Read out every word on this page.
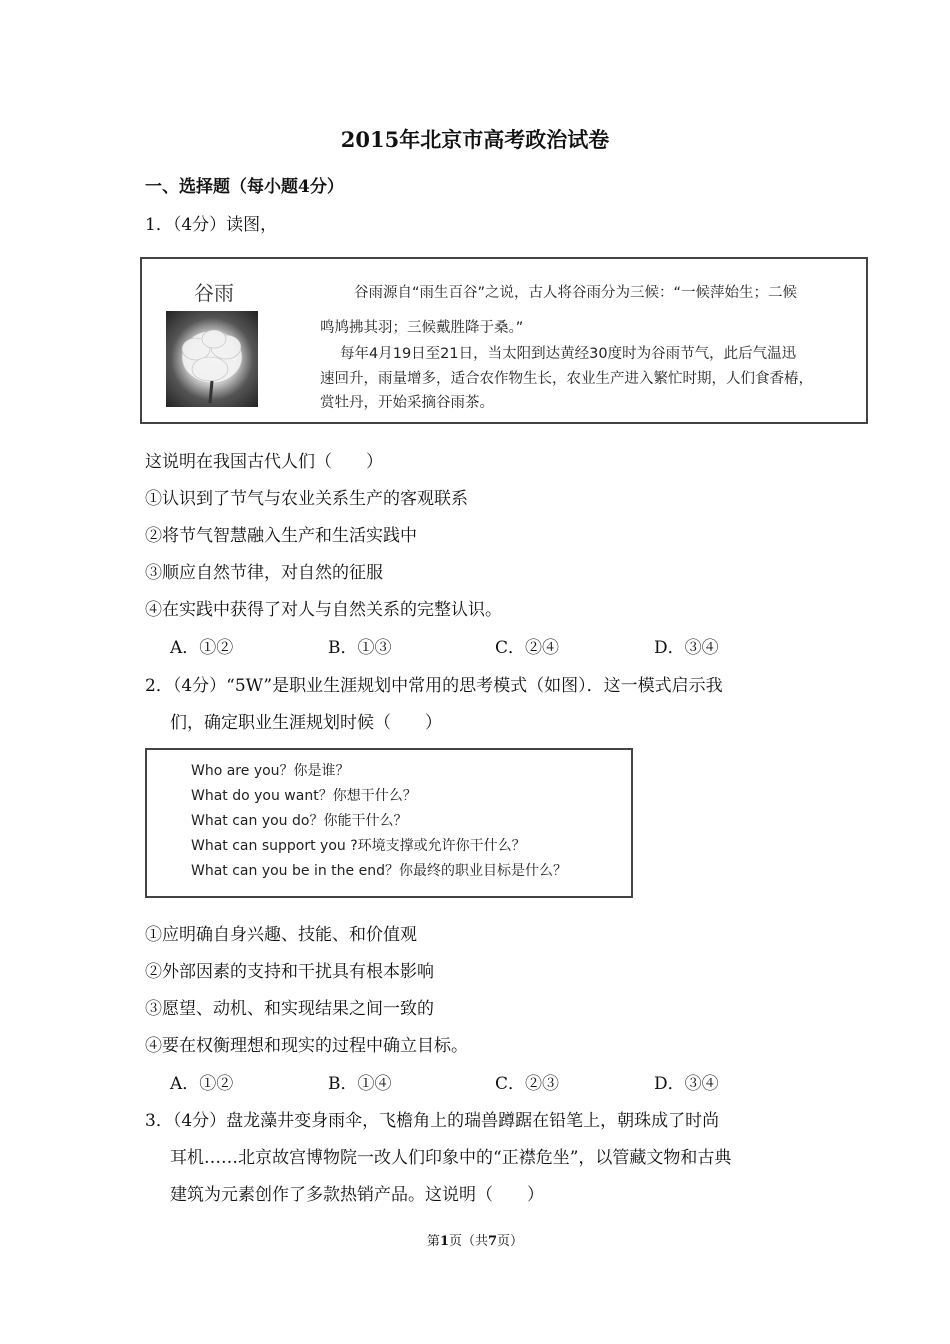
2015年北京市高考政治试卷
一、选择题（每小题4分）
1．（4分）读图，
谷雨	谷雨源自“雨生百谷”之说，古人将谷雨分为三候：“一候萍始生；二候
鸣鸠拂其羽；三候戴胜降于桑。”
每年4月19日至21日，当太阳到达黄经30度时为谷雨节气，此后气温迅
速回升，雨量增多，适合农作物生长，农业生产进入繁忙时期，人们食香椿，
赏牡丹，开始采摘谷雨茶。
这说明在我国古代人们（　　）
①认识到了节气与农业关系生产的客观联系
②将节气智慧融入生产和生活实践中
③顺应自然节律，对自然的征服
④在实践中获得了对人与自然关系的完整认识。
A．①②	B．①③	C．②④	D．③④
2．（4分）“5W”是职业生涯规划中常用的思考模式（如图）．这一模式启示我
们，确定职业生涯规划时候（　　）
Who are you？你是谁？
What do you want？你想干什么？
What can you do？你能干什么？
What can support you ?环境支撑或允许你干什么？
What can you be in the end？你最终的职业目标是什么？
①应明确自身兴趣、技能、和价值观
②外部因素的支持和干扰具有根本影响
③愿望、动机、和实现结果之间一致的
④要在权衡理想和现实的过程中确立目标。
A．①②	B．①④	C．②③	D．③④
3．（4分）盘龙藻井变身雨伞，飞檐角上的瑞兽蹲踞在铅笔上，朝珠成了时尚
耳机……北京故宫博物院一改人们印象中的“正襟危坐”，以管藏文物和古典
建筑为元素创作了多款热销产品。这说明（　　）
第1页（共7页）
